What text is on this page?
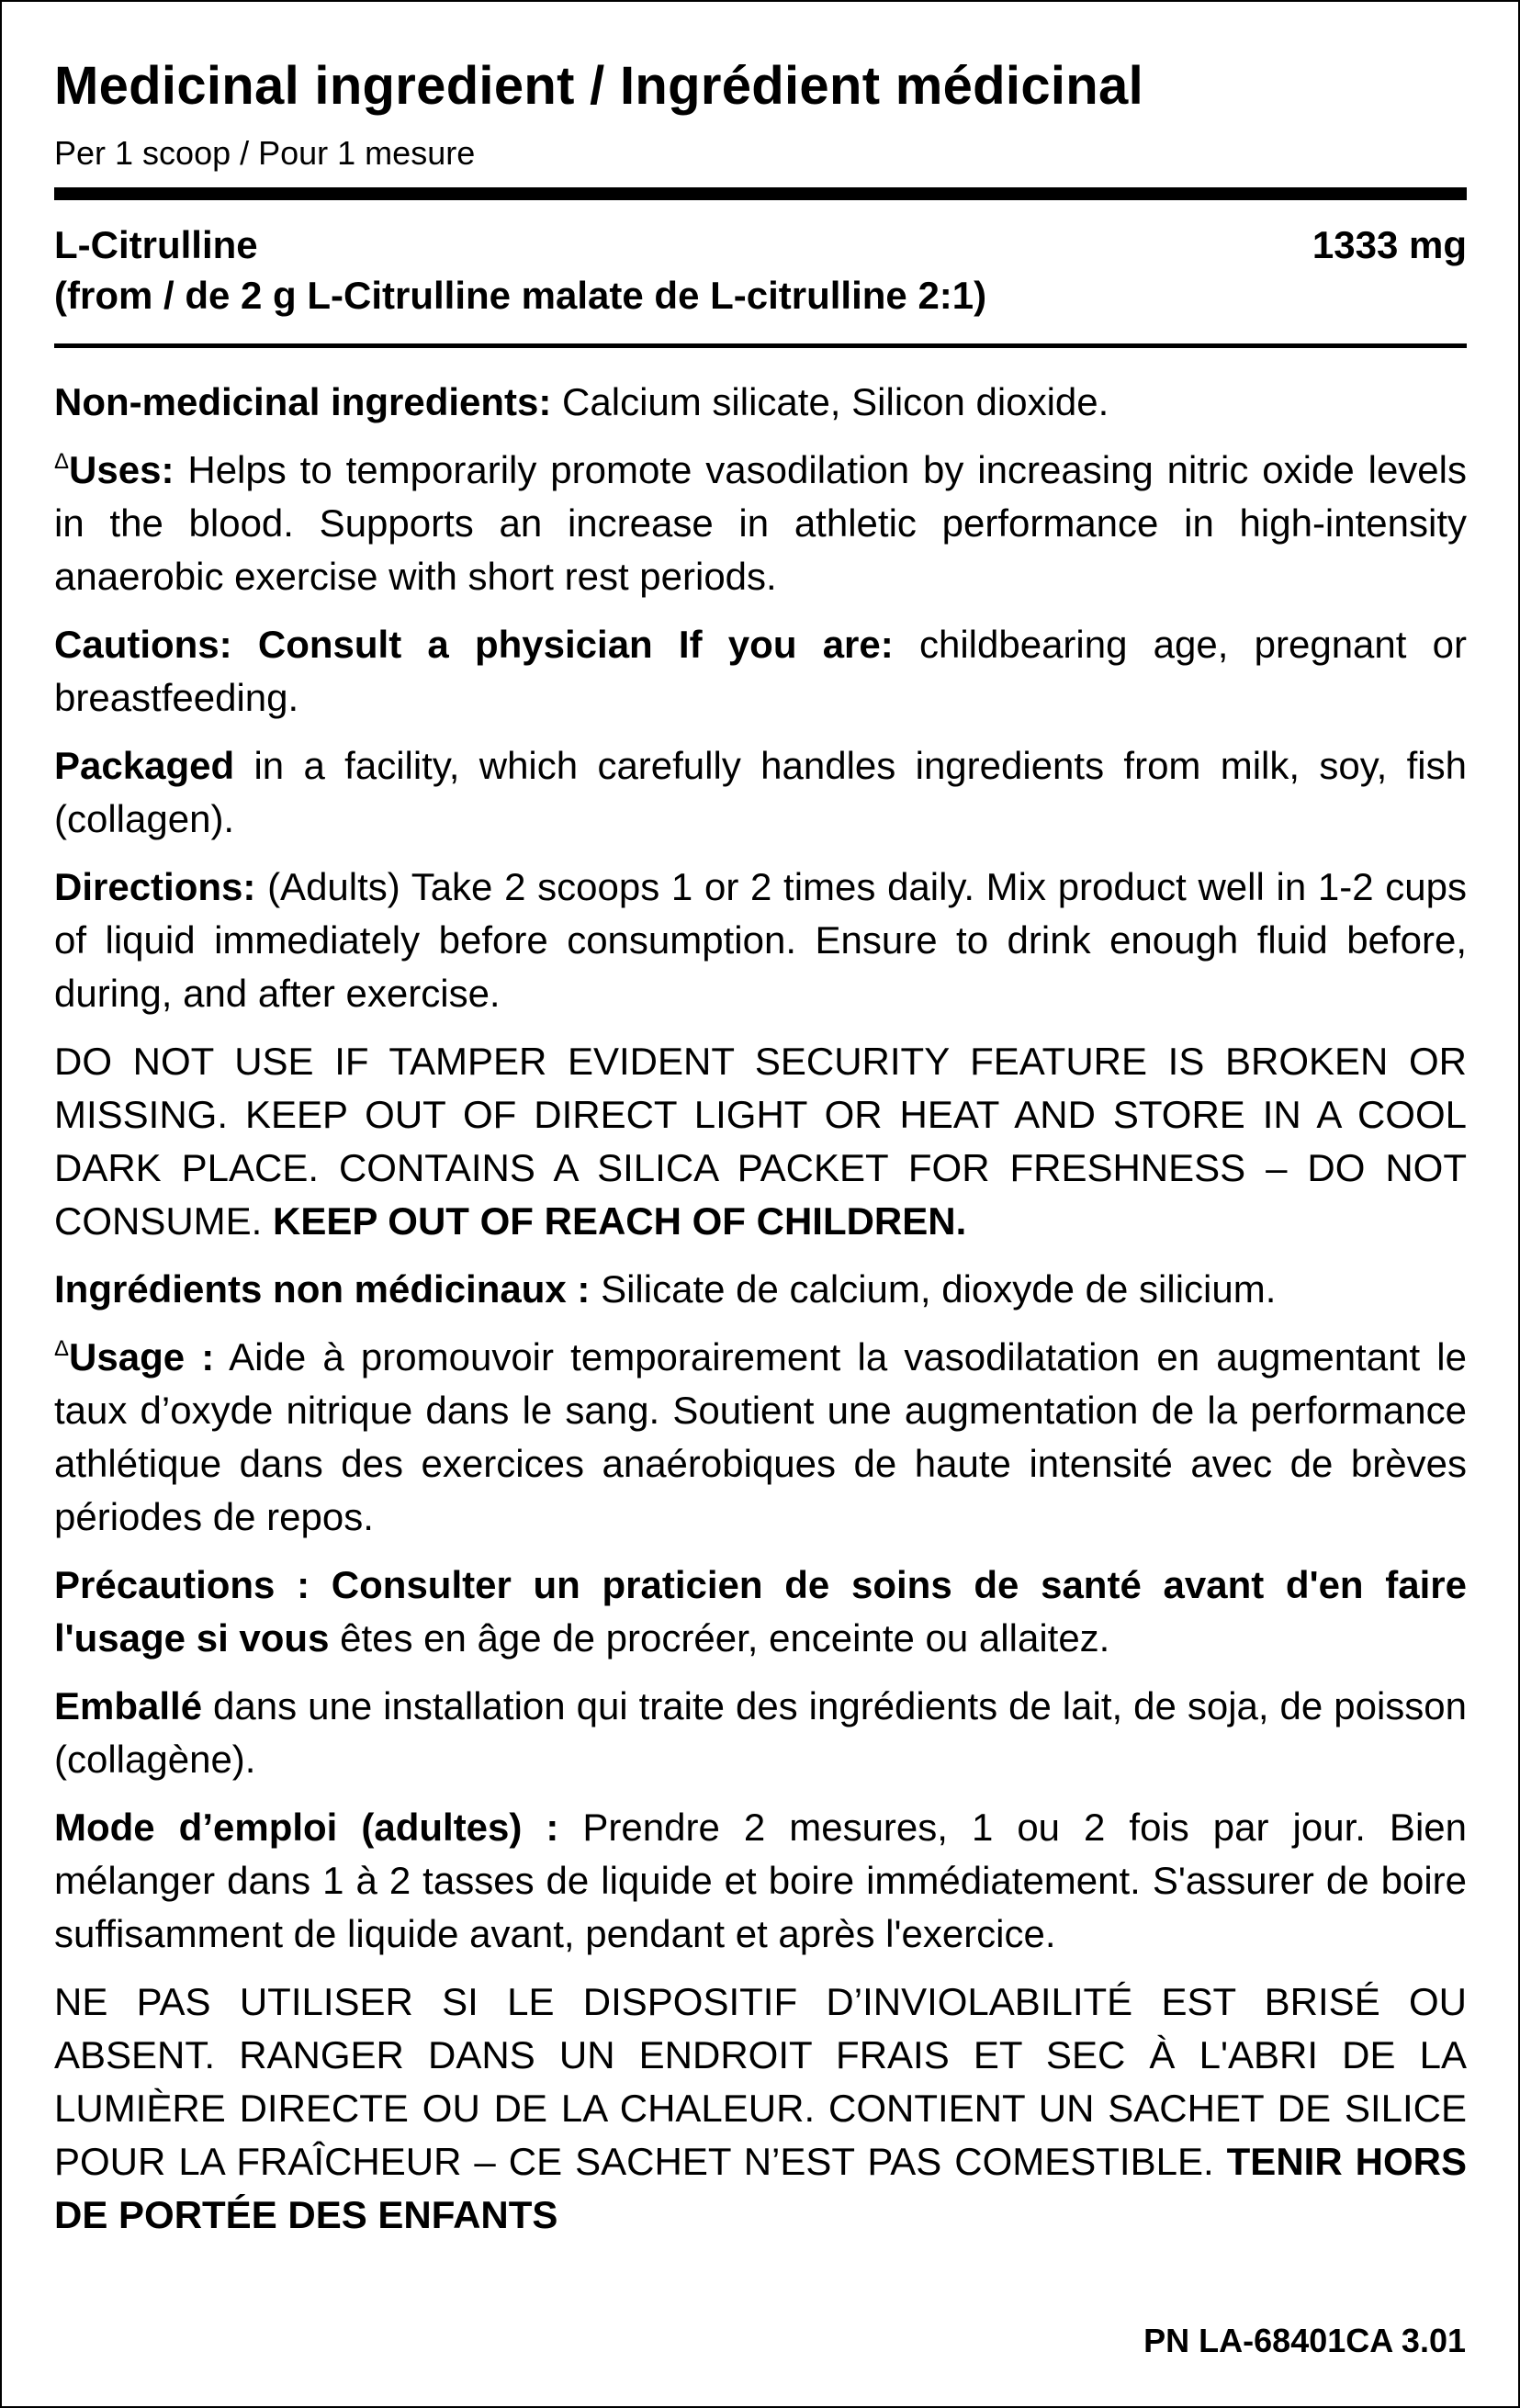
Medicinal ingredient / Ingrédient médicinal
Per 1 scoop / Pour 1 mesure
L-Citrulline	1333 mg
(from / de 2 g L-Citrulline malate de L-citrulline 2:1)

Non-medicinal ingredients: Calcium silicate, Silicon dioxide.

$^\Delta$Uses: Helps to temporarily promote vasodilation by increasing nitric oxide levels in the blood. Supports an increase in athletic performance in high-intensity anaerobic exercise with short rest periods.

Cautions: Consult a physician If you are: childbearing age, pregnant or breastfeeding.

Packaged in a facility, which carefully handles ingredients from milk, soy, fish (collagen).

Directions: (Adults) Take 2 scoops 1 or 2 times daily. Mix product well in 1-2 cups of liquid immediately before consumption. Ensure to drink enough fluid before, during, and after exercise.

DO NOT USE IF TAMPER EVIDENT SECURITY FEATURE IS BROKEN OR MISSING. KEEP OUT OF DIRECT LIGHT OR HEAT AND STORE IN A COOL DARK PLACE. CONTAINS A SILICA PACKET FOR FRESHNESS – DO NOT CONSUME. KEEP OUT OF REACH OF CHILDREN.

Ingrédients non médicinaux : Silicate de calcium, dioxyde de silicium.

$^\Delta$Usage : Aide à promouvoir temporairement la vasodilatation en augmentant le taux d’oxyde nitrique dans le sang. Soutient une augmentation de la performance athlétique dans des exercices anaérobiques de haute intensité avec de brèves périodes de repos.

Précautions : Consulter un praticien de soins de santé avant d'en faire l'usage si vous êtes en âge de procréer, enceinte ou allaitez.

Emballé dans une installation qui traite des ingrédients de lait, de soja, de poisson (collagène).

Mode d’emploi (adultes) : Prendre 2 mesures, 1 ou 2 fois par jour. Bien mélanger dans 1 à 2 tasses de liquide et boire immédiatement. S'assurer de boire suffisamment de liquide avant, pendant et après l'exercice.

NE PAS UTILISER SI LE DISPOSITIF D’INVIOLABILITÉ EST BRISÉ OU ABSENT. RANGER DANS UN ENDROIT FRAIS ET SEC À L'ABRI DE LA LUMIÈRE DIRECTE OU DE LA CHALEUR. CONTIENT UN SACHET DE SILICE POUR LA FRAÎCHEUR – CE SACHET N’EST PAS COMESTIBLE. TENIR HORS DE PORTÉE DES ENFANTS

PN LA-68401CA 3.01
